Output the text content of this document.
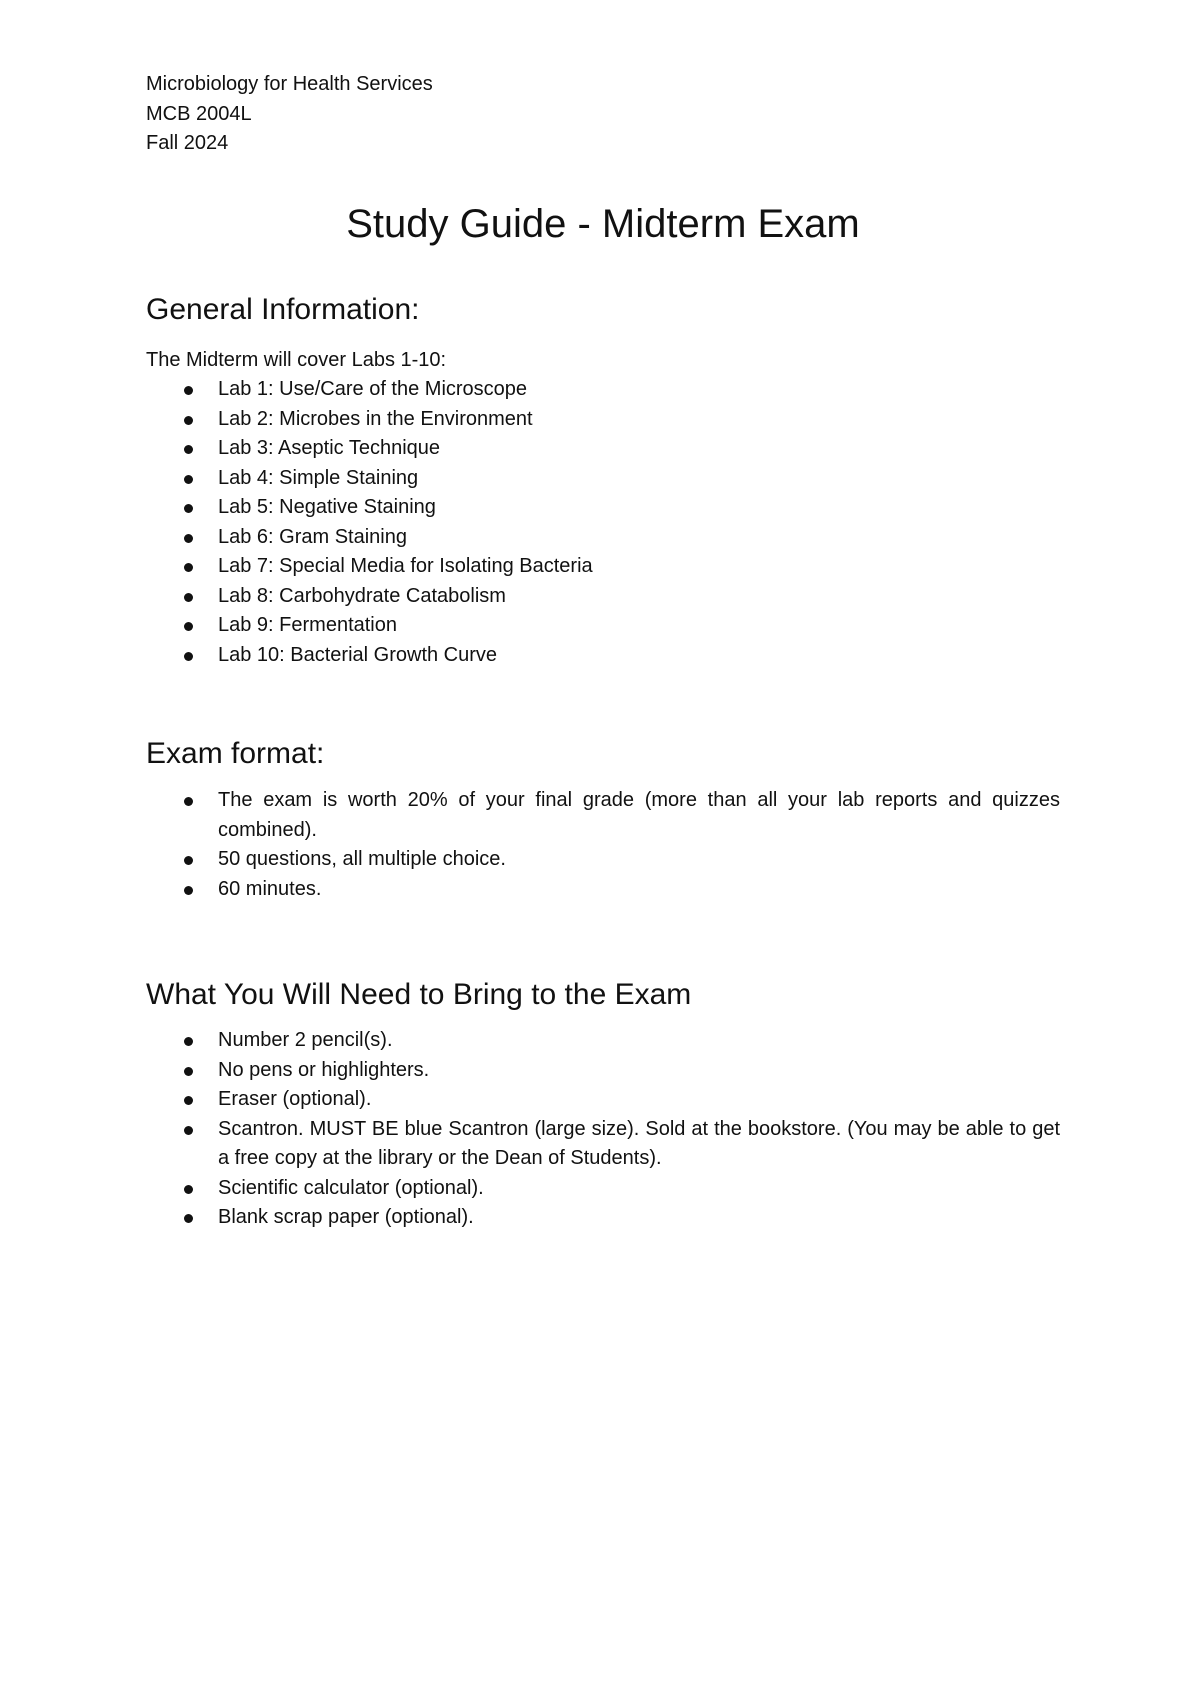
Microbiology for Health Services

MCB 2004L

Fall 2024

Study Guide - Midterm Exam
General Information:

The Midterm will cover Labs 1-10:

Lab 1: Use/Care of the Microscope
Lab 2: Microbes in the Environment
Lab 3: Aseptic Technique
Lab 4: Simple Staining
Lab 5: Negative Staining
Lab 6: Gram Staining
Lab 7: Special Media for Isolating Bacteria
Lab 8: Carbohydrate Catabolism
Lab 9: Fermentation
Lab 10: Bacterial Growth Curve
Exam format:
The exam is worth 20% of your final grade (more than all your lab reports and quizzes combined).
50 questions, all multiple choice.
60 minutes.
What You Will Need to Bring to the Exam
Number 2 pencil(s).
No pens or highlighters.
Eraser (optional).
Scantron. MUST BE blue Scantron (large size). Sold at the bookstore. (You may be able to get a free copy at the library or the Dean of Students).
Scientific calculator (optional).
Blank scrap paper (optional).
